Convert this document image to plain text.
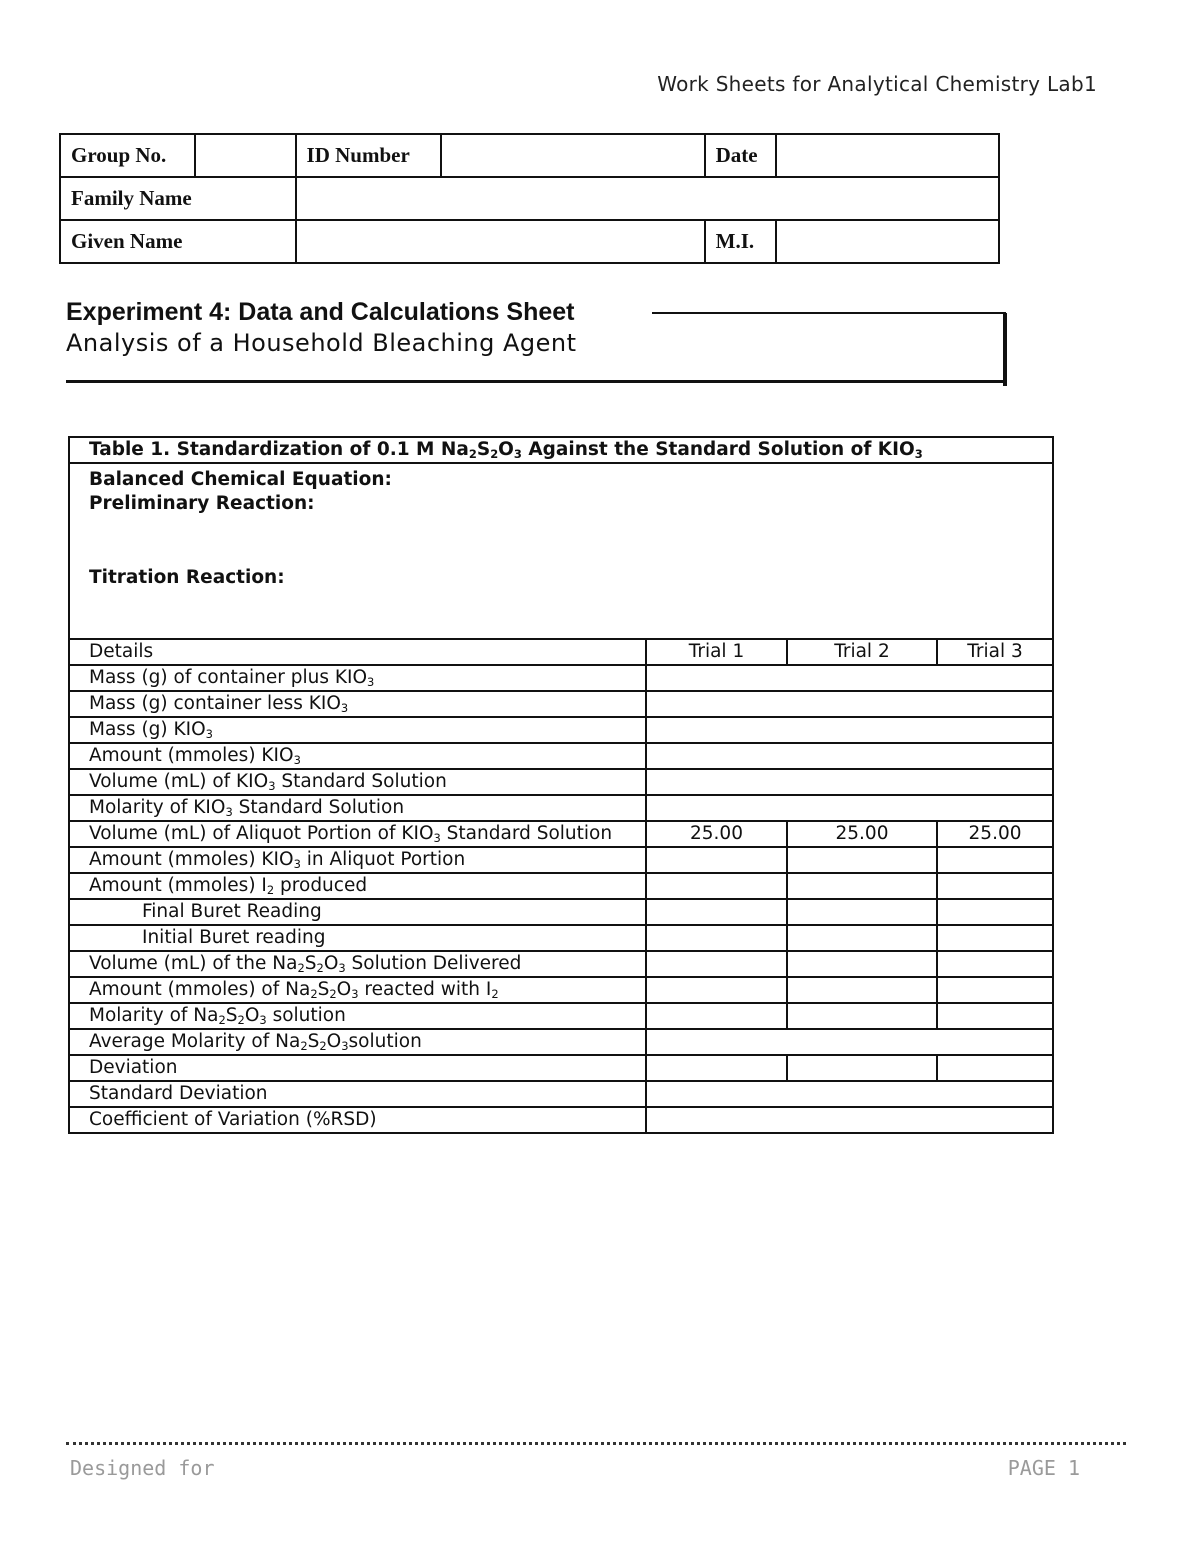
Work Sheets for Analytical Chemistry Lab1
Group No.		ID Number		Date	
Family Name					
Given Name				M.I.	
Experiment 4: Data and Calculations Sheet
Analysis of a Household Bleaching Agent
Table 1. Standardization of 0.1 M $Na_2S_2O_3$ Against the Standard Solution of $KIO_3$

Balanced Chemical Equation:
Preliminary Reaction:
Titration Reaction:			

Details	Trial 1	Trial 2	Trial 3
Mass (g) of container plus $KIO_3$	
Mass (g) container less $KIO_3$	
Mass (g) $KIO_3$	
Amount (mmoles) $KIO_3$	
Volume (mL) of $KIO_3$ Standard Solution			
Molarity of $KIO_3$ Standard Solution			
Volume (mL) of Aliquot Portion of $KIO_3$ Standard Solution	25.00	25.00	25.00
Amount (mmoles) $KIO_3$ in Aliquot Portion			
Amount (mmoles) $I_2$ produced			
Final Buret Reading			
Initial Buret reading			
Volume (mL) of the $Na_2S_2O_3$ Solution Delivered			
Amount (mmoles) of $Na_2S_2O_3$ reacted with $I_2$			
Molarity of $Na_2S_2O_3$ solution			
Average Molarity of $Na_2S_2O_3solution$			
Deviation			
Standard Deviation			
Coefficient of Variation (%RSD)			
Designed for	PAGE 1
